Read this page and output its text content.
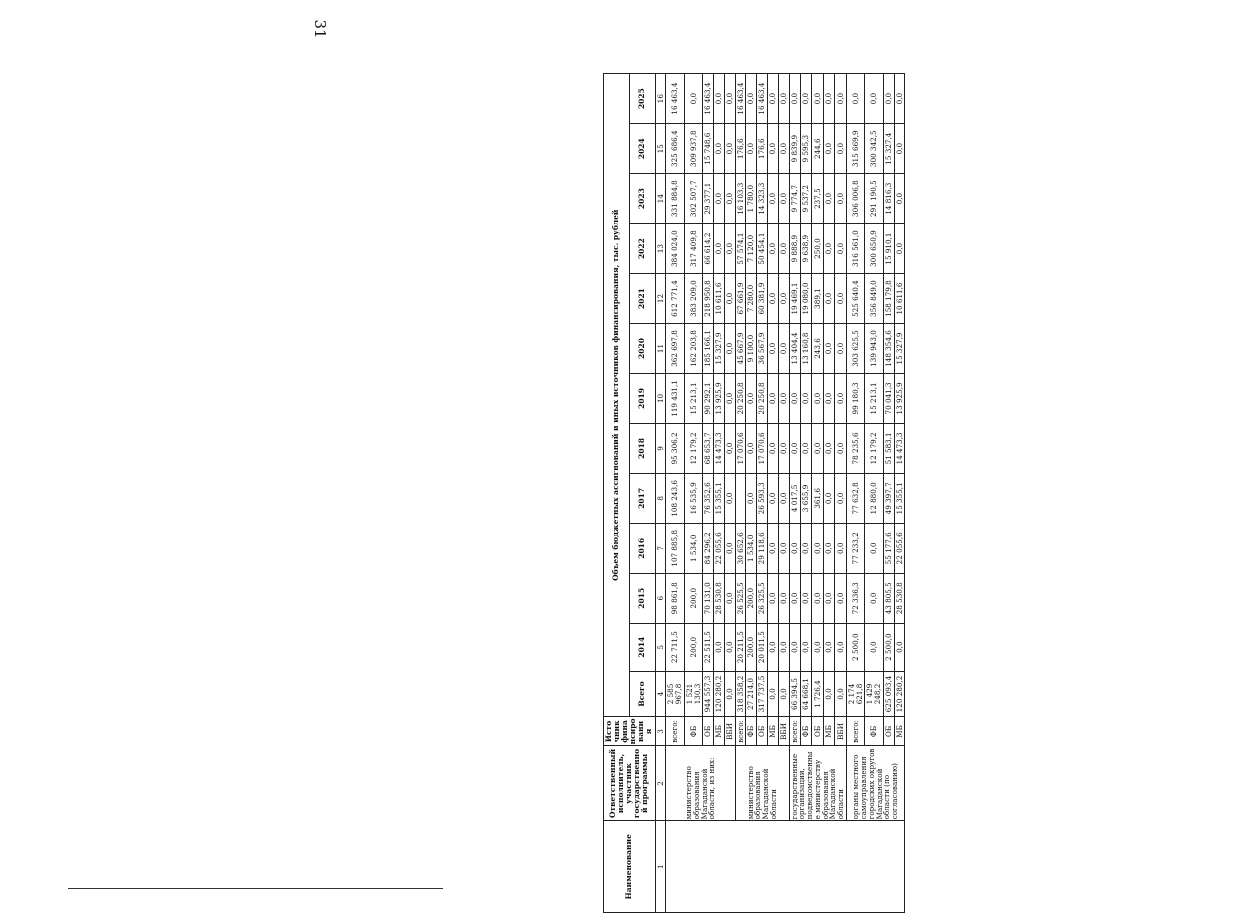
31
Наименование	Ответственный исполнитель, участник государственной программы	Источник финансирования	Объем бюджетных ассигнований и иных источников финансирования, тыс. рублей												
			Всего	2014	2015	2016	2017	2018	2019	2020	2021	2022	2023	2024	2025
1	2	3	4	5	6	7	8	9	10	11	12	13	14	15	16
	министерство образования Магаданской области, из них:	всего:	2 585 967,8	22 711,5	98 861,8	107 885,8	108 243,6	95 306,2	119 431,1	362 697,8	612 771,4	384 024,0	331 884,8	325 686,4	16 463,4
		ФБ	1 521 130,3	200,0	200,0	1 534,0	16 535,9	12 179,2	15 213,1	162 203,8	383 209,0	317 409,8	302 507,7	309 937,8	0,0
		ОБ	944 557,3	22 511,5	70 131,0	84 296,2	76 352,6	68 653,7	90 292,1	185 166,1	218 950,8	66 614,2	29 377,1	15 748,6	16 463,4
		МБ	120 280,2	0,0	28 530,8	22 055,6	15 355,1	14 473,3	13 925,9	15 327,9	10 611,6	0,0	0,0	0,0	0,0
		ВБИ	0,0	0,0	0,0	0,0	0,0	0,0	0,0	0,0	0,0	0,0	0,0	0,0	0,0
	министерство образования Магаданской области	всего:	318 358,2	20 211,5	26 525,5	30 652,6		17 070,6	20 250,8	45 667,9	67 661,9	57 574,1	16 103,3	176,6	16 463,4
		ФБ	27 214,0	200,0	200,0	1 534,0	0,0	0,0	0,0	9 100,0	7 280,0	7 120,0	1 780,0	0,0	0,0
		ОБ	317 737,5	20 011,5	26 325,5	29 118,6	26 593,3	17 070,6	20 250,8	36 567,9	60 381,9	50 454,1	14 323,3	176,6	16 463,4
		МБ	0,0	0,0	0,0	0,0	0,0	0,0	0,0	0,0	0,0	0,0	0,0	0,0	0,0
		ВБИ	0,0	0,0	0,0	0,0	0,0	0,0	0,0	0,0	0,0	0,0	0,0	0,0	0,0
	государственные организации, подведомственные министерству образования Магаданской области	всего:	66 394,5	0,0	0,0	0,0	4 017,5	0,0	0,0	13 404,4	19 469,1	9 888,9	9 774,7	9 839,9	0,0
		ФБ	64 668,1	0,0	0,0	0,0	3 655,9	0,0	0,0	13 160,8	19 080,0	9 638,9	9 537,2	9 595,3	0,0
		ОБ	1 726,4	0,0	0,0	0,0	361,6	0,0	0,0	243,6	389,1	250,0	237,5	244,6	0,0
		МБ	0,0	0,0	0,0	0,0	0,0	0,0	0,0	0,0	0,0	0,0	0,0	0,0	0,0
		ВБИ	0,0	0,0	0,0	0,0	0,0	0,0	0,0	0,0	0,0	0,0	0,0	0,0	0,0
	органы местного самоуправления городских округов Магаданской области (по согласованию)	всего:	2 174 621,8	2 500,0	72 336,3	77 233,2	77 632,8	78 235,6	99 180,3	303 625,5	525 640,4	316 561,0	306 006,8	315 669,9	0,0
		ФБ	1 429 248,2	0,0	0,0	0,0	12 880,0	12 179,2	15 213,1	139 943,0	356 849,0	300 650,9	291 190,5	300 342,5	0,0
		ОБ	625 093,4	2 500,0	43 805,5	55 177,6	49 397,7	51 583,1	70 041,3	148 354,6	158 179,8	15 910,1	14 816,3	15 327,4	0,0
		МБ	120 280,2	0,0	28 530,8	22 055,6	15 355,1	14 473,3	13 925,9	15 327,9	10 611,6	0,0	0,0	0,0	0,0
